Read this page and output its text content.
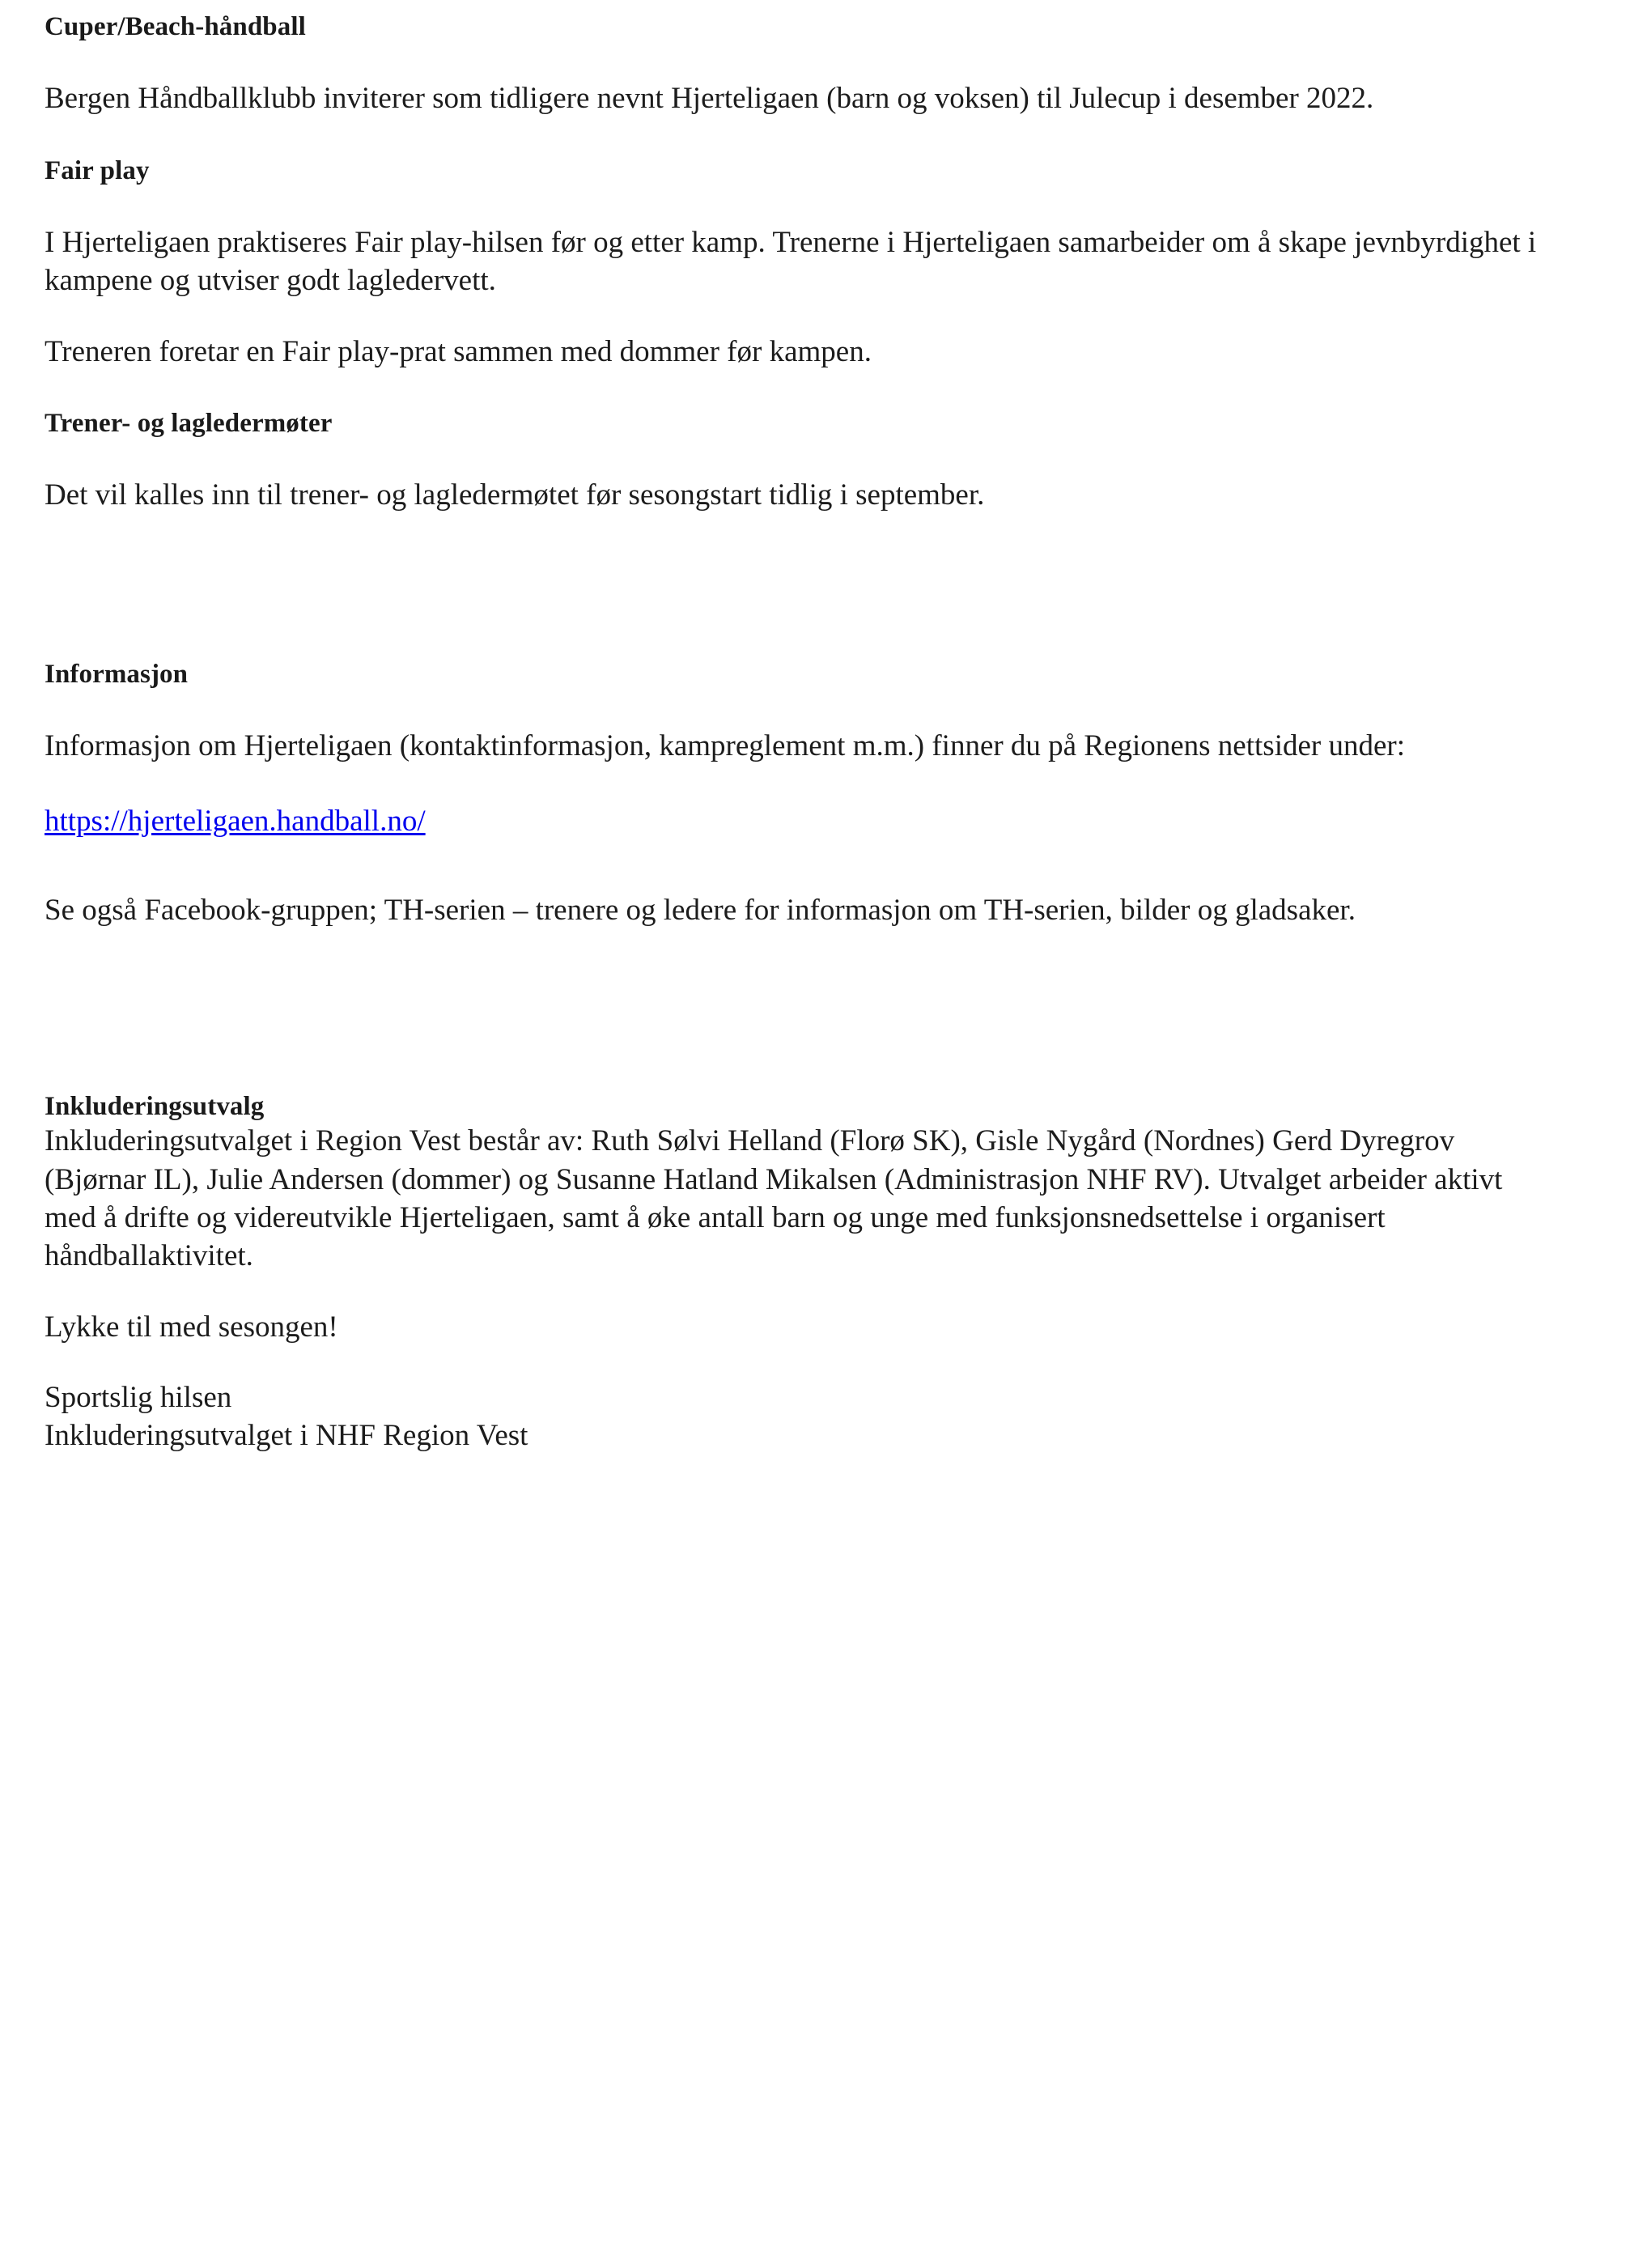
Cuper/Beach-håndball

Bergen Håndballklubb inviterer som tidligere nevnt Hjerteligaen (barn og voksen) til Julecup i desember 2022.

Fair play

I Hjerteligaen praktiseres Fair play-hilsen før og etter kamp. Trenerne i Hjerteligaen samarbeider om å skape jevnbyrdighet i kampene og utviser godt lagledervett.

Treneren foretar en Fair play-prat sammen med dommer før kampen.

Trener- og lagledermøter

Det vil kalles inn til trener- og lagledermøtet før sesongstart tidlig i september.

Informasjon

Informasjon om Hjerteligaen (kontaktinformasjon, kampreglement m.m.) finner du på Regionens nettsider under:

https://hjerteligaen.handball.no/

Se også Facebook-gruppen; TH-serien – trenere og ledere for informasjon om TH-serien, bilder og gladsaker.

Inkluderingsutvalg

Inkluderingsutvalget i Region Vest består av: Ruth Sølvi Helland (Florø SK), Gisle Nygård (Nordnes) Gerd Dyregrov (Bjørnar IL), Julie Andersen (dommer) og Susanne Hatland Mikalsen (Administrasjon NHF RV). Utvalget arbeider aktivt med å drifte og videreutvikle Hjerteligaen, samt å øke antall barn og unge med funksjonsnedsettelse i organisert håndballaktivitet.

Lykke til med sesongen!

Sportslig hilsen

Inkluderingsutvalget i NHF Region Vest
